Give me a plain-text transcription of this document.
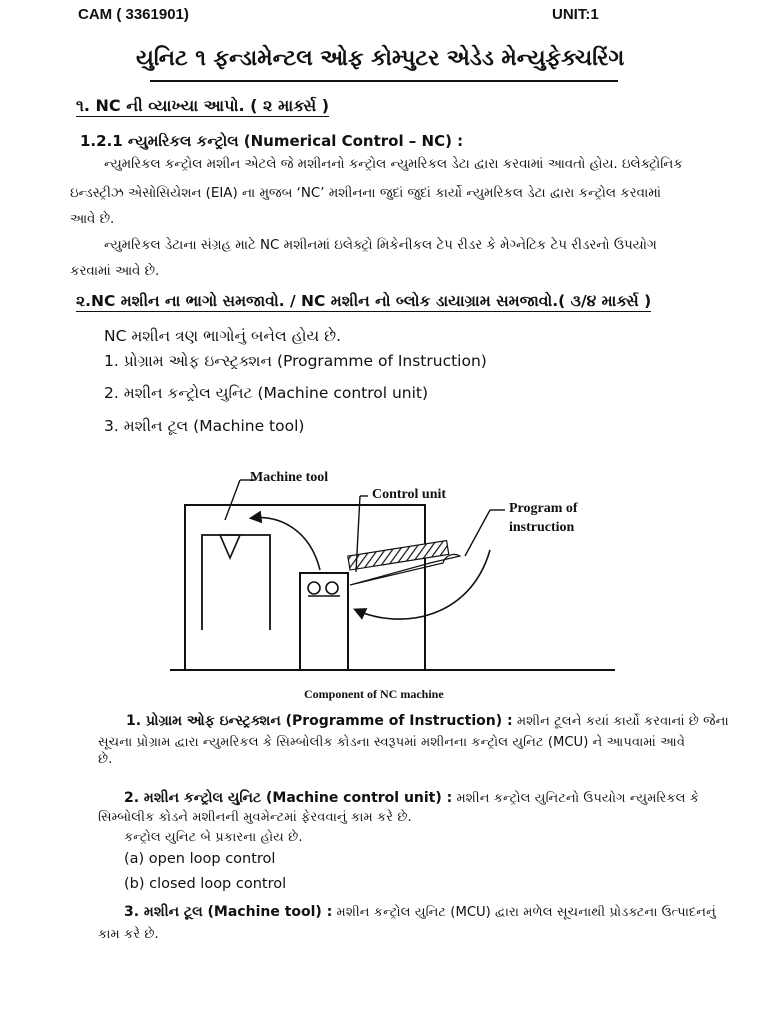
CAM ( 3361901)	UNIT:1
યુનિટ ૧ ફન્ડામેન્ટલ ઓફ કોમ્પુટર એડેડ મેન્યુફેક્ચરિંગ
૧. NC ની વ્યાખ્યા આપો. ( ૨ માર્ક્સ )
1.2.1 ન્યુમરિકલ કન્ટ્રોલ (Numerical Control – NC) :
ન્યુમરિકલ કન્ટ્રોલ મશીન એટલે જે મશીનનો કન્ટ્રોલ ન્યુમરિકલ ડેટા દ્વારા કરવામાં આવતો હોય. ઇલેક્ટ્રોનિક
ઇન્ડસ્ટ્રીઝ એસોસિયેશન (EIA) ના મુજબ ‘NC’ મશીનના જુદાં જુદાં કાર્યો ન્યુમરિકલ ડેટા દ્વારા કન્ટ્રોલ કરવામાં
આવે છે.
ન્યુમરિકલ ડેટાના સંગ્રહ માટે NC મશીનમાં ઇલેક્ટ્રો મિકેનીકલ ટેપ રીડર કે મેગ્નેટિક ટેપ રીડરનો ઉપયોગ
કરવામાં આવે છે.
૨.NC મશીન ના ભાગો સમજાવો. / NC મશીન નો બ્લોક ડાયાગ્રામ સમજાવો.( ૩/૪ માર્ક્સ )
NC મશીન ત્રણ ભાગોનું બનેલ હોય છે.
1. પ્રોગ્રામ ઓફ ઇન્સ્ટ્રક્શન (Programme of Instruction)
2. મશીન કન્ટ્રોલ યુનિટ (Machine control unit)
3. મશીન ટૂલ (Machine tool)
Machine tool
Control unit
Program of
instruction
Component of NC machine
1. પ્રોગ્રામ ઓફ ઇન્સ્ટ્રક્શન (Programme of Instruction) : મશીન ટૂલને કયાં કાર્યો કરવાનાં છે જેના
સૂચના પ્રોગ્રામ દ્વારા ન્યુમરિકલ કે સિમ્બોલીક કોડના સ્વરૂપમાં મશીનના કન્ટ્રોલ યુનિટ (MCU) ને આપવામાં આવે
છે.
2. મશીન કન્ટ્રોલ યુનિટ (Machine control unit) : મશીન કન્ટ્રોલ યુનિટનો ઉપયોગ ન્યુમરિકલ કે
સિમ્બોલીક કોડને મશીનની મુવમેન્ટમાં ફેરવવાનું કામ કરે છે.
કન્ટ્રોલ યુનિટ બે પ્રકારના હોય છે.
(a) open loop control
(b) closed loop control
3. મશીન ટૂલ (Machine tool) : મશીન કન્ટ્રોલ યુનિટ (MCU) દ્વારા મળેલ સૂચનાથી પ્રોડક્ટના ઉત્પાદનનું
કામ કરે છે.
